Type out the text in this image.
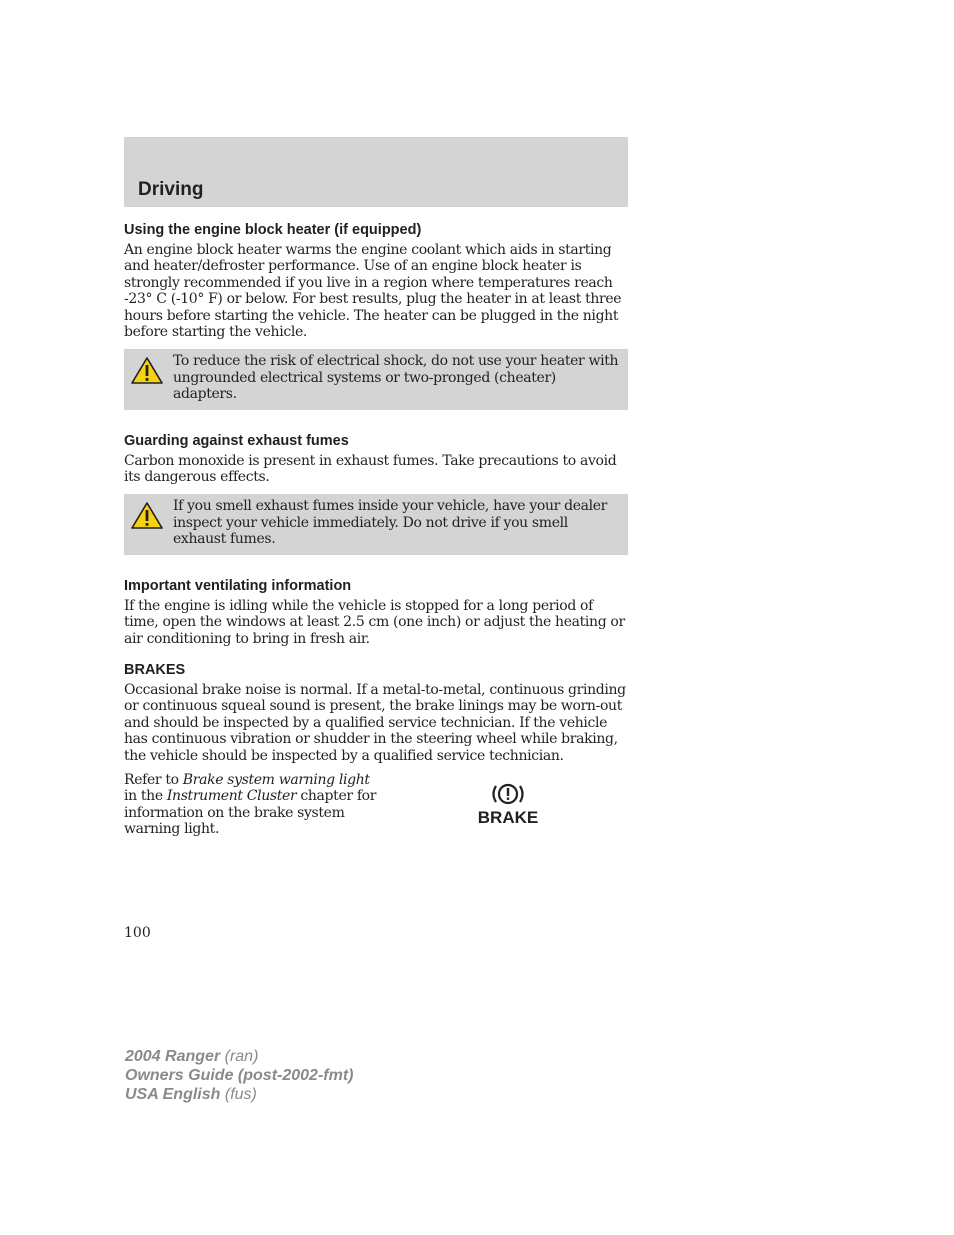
Driving
Using the engine block heater (if equipped)

An engine block heater warms the engine coolant which aids in starting and heater/defroster performance. Use of an engine block heater is strongly recommended if you live in a region where temperatures reach -23° C (-10° F) or below. For best results, plug the heater in at least three hours before starting the vehicle. The heater can be plugged in the night before starting the vehicle.

To reduce the risk of electrical shock, do not use your heater with ungrounded electrical systems or two-pronged (cheater) adapters.
Guarding against exhaust fumes

Carbon monoxide is present in exhaust fumes. Take precautions to avoid its dangerous effects.

If you smell exhaust fumes inside your vehicle, have your dealer inspect your vehicle immediately. Do not drive if you smell exhaust fumes.
Important ventilating information

If the engine is idling while the vehicle is stopped for a long period of time, open the windows at least 2.5 cm (one inch) or adjust the heating or air conditioning to bring in fresh air.

BRAKES

Occasional brake noise is normal. If a metal-to-metal, continuous grinding or continuous squeal sound is present, the brake linings may be worn-out and should be inspected by a qualified service technician. If the vehicle has continuous vibration or shudder in the steering wheel while braking, the vehicle should be inspected by a qualified service technician.

Refer to Brake system warning light in the Instrument Cluster chapter for information on the brake system warning light.

BRAKE
100
2004 Ranger (ran)
Owners Guide (post-2002-fmt)
USA English (fus)
